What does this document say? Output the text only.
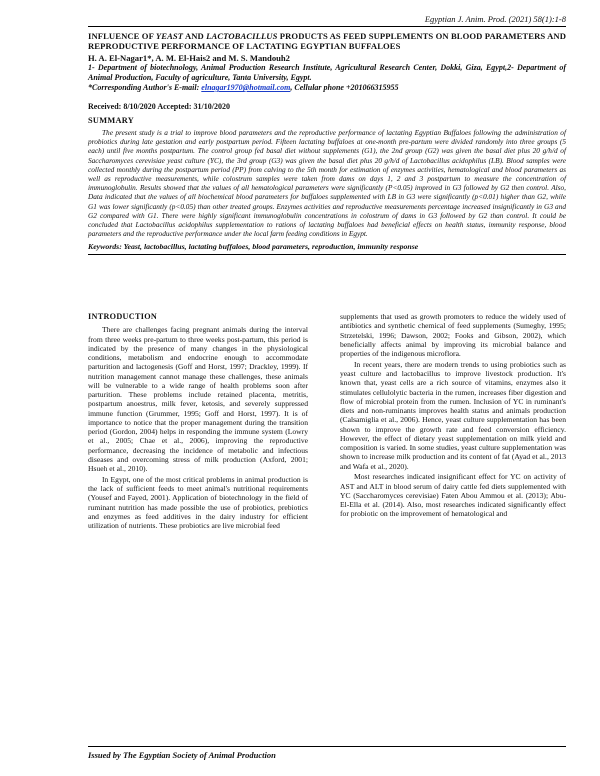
Egyptian J. Anim. Prod. (2021) 58(1):1-8

INFLUENCE OF YEAST AND LACTOBACILLUS PRODUCTS AS FEED SUPPLEMENTS ON BLOOD PARAMETERS AND REPRODUCTIVE PERFORMANCE OF LACTATING EGYPTIAN BUFFALOES

H. A. El-Nagar1*, A. M. El-Hais2 and M. S. Mandouh2
1- Department of biotechnology, Animal Production Research Institute, Agricultural Research Center, Dokki, Giza, Egypt,2- Department of Animal Production, Faculty of agriculture, Tanta University, Egypt.
*Corresponding Author's E-mail: elnagar1970@hotmail.com, Cellular phone +201066315955
Received: 8/10/2020 Accepted: 31/10/2020
SUMMARY

The present study is a trial to improve blood parameters and the reproductive performance of lactating Egyptian Buffaloes following the administration of probiotics during late gestation and early postpartum period. Fifteen lactating buffaloes at one-month pre-partum were divided randomly into three groups (5 each) until five months postpartum. The control group fed basal diet without supplements (G1), the 2nd group (G2) was given the basal diet plus 20 g/h/d of Saccharomyces cerevisiae yeast culture (YC), the 3rd group (G3) was given the basal diet plus 20 g/h/d of Lactobacillus acidophilus (LB). Blood samples were collected monthly during the postpartum period (PP) from calving to the 5th month for estimation of enzymes activities, hematological and blood parameters as well as reproductive measurements, while colostrum samples were taken from dams on days 1, 2 and 3 postpartum to measure the concentration of immunoglobulin. Results showed that the values of all hematological parameters were significantly (P<0.05) improved in G3 followed by G2 then control. Also, Data indicated that the values of all biochemical blood parameters for buffaloes supplemented with LB in G3 were significantly (p<0.01) higher than G2, while G1 was lower significantly (p<0.05) than other treated groups. Enzymes activities and reproductive measurements percentage increased insignificantly in G3 and G2 compared with G1. There were highly significant immunoglobulin concentrations in colostrum of dams in G3 followed by G2 than control. It could be concluded that Lactobacillus acidophilus supplementation to rations of lactating buffaloes had beneficial effects on health status, immunity response, blood parameters and the reproductive performance under the local farm feeding conditions in Egypt.

Keywords: Yeast, lactobacillus, lactating buffaloes, blood parameters, reproduction, immunity response
INTRODUCTION

There are challenges facing pregnant animals during the interval from three weeks pre-partum to three weeks post-partum, this period is indicated by the presence of many changes in the physiological conditions, metabolism and endocrine enough to accommodate parturition and lactogenesis (Goff and Horst, 1997; Drackley, 1999). If nutrition management cannot manage these challenges, these animals will be vulnerable to a wide range of health problems soon after parturition. These problems include retained placenta, metritis, postpartum anoestrus, milk fever, ketosis, and severely suppressed immune function (Grummer, 1995; Goff and Horst, 1997). It is of importance to notice that the proper management during the transition period (Gordon, 2004) helps in responding the immune system (Lowry et al., 2005; Chae et al., 2006), improving the reproductive performance, decreasing the incidence of metabolic and infectious diseases and overcoming stress of milk production (Axford, 2001; Hsueh et al., 2010).

In Egypt, one of the most critical problems in animal production is the lack of sufficient feeds to meet animal's nutritional requirements (Yousef and Fayed, 2001). Application of biotechnology in the field of ruminant nutrition has made possible the use of probiotics, prebiotics and enzymes as feed additives in the dairy industry for efficient utilization of nutrients. These probiotics are live microbial feed

supplements that used as growth promoters to reduce the widely used of antibiotics and synthetic chemical of feed supplements (Sumeghy, 1995; Strzetelski, 1996; Dawson, 2002; Fooks and Gibson, 2002), which beneficially affects animal by improving its microbial balance and properties of the indigenous microflora.

In recent years, there are modern trends to using probiotics such as yeast culture and lactobacillus to improve livestock production. It's known that, yeast cells are a rich source of vitamins, enzymes also it stimulates cellulolytic bacteria in the rumen, increases fiber digestion and flow of microbial protein from the rumen. Inclusion of YC in ruminant's diets and non-ruminants improves health status and animals production (Calsamiglia et al., 2006). Hence, yeast culture supplementation has been shown to improve the growth rate and feed conversion efficiency. However, the effect of dietary yeast supplementation on milk yield and composition is varied. In some studies, yeast culture supplementation was shown to increase milk production and its content of fat (Ayad et al., 2013 and Wafa et al., 2020).

Most researches indicated insignificant effect for YC on activity of AST and ALT in blood serum of dairy cattle fed diets supplemented with YC (Saccharomyces cerevisiae) Faten Abou Ammou et al. (2013); Abu-El-Ella et al. (2014). Also, most researches indicated significantly effect for probiotic on the improvement of hematological and

Issued by The Egyptian Society of Animal Production
